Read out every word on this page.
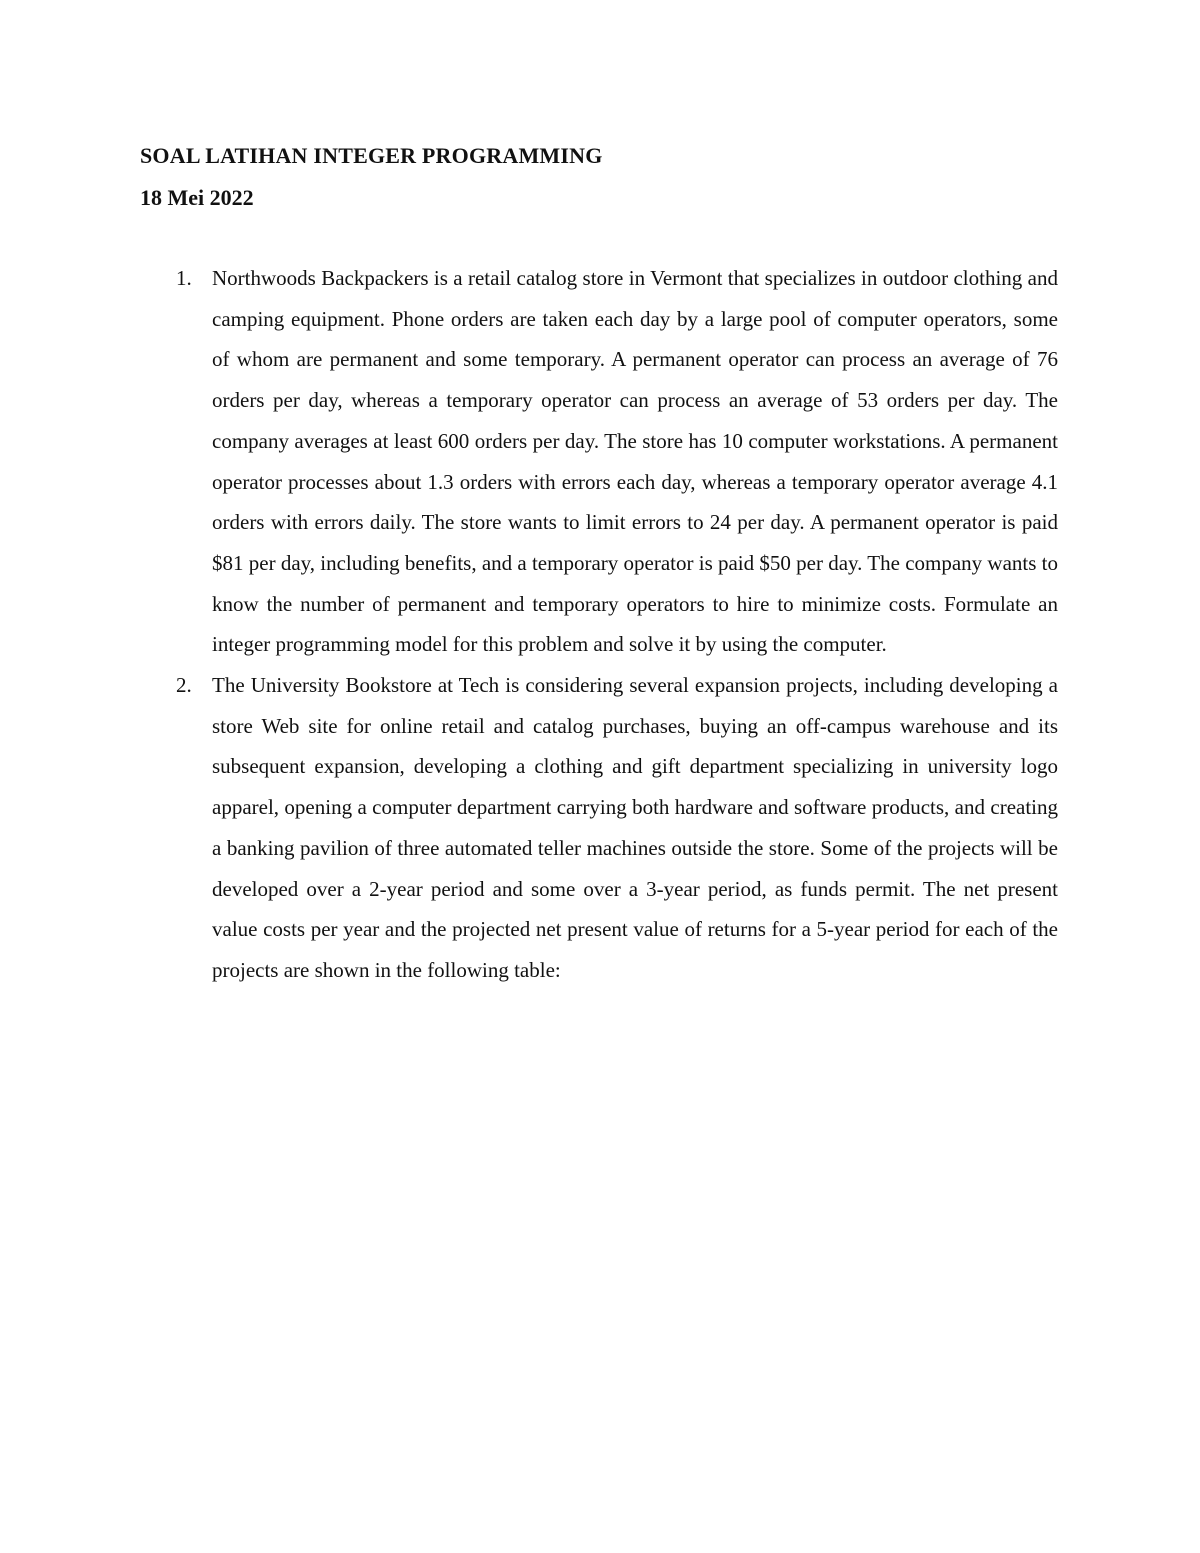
SOAL LATIHAN INTEGER PROGRAMMING

18 Mei 2022

1. Northwoods Backpackers is a retail catalog store in Vermont that specializes in outdoor clothing and camping equipment. Phone orders are taken each day by a large pool of computer operators, some of whom are permanent and some temporary. A permanent operator can process an average of 76 orders per day, whereas a temporary operator can process an average of 53 orders per day. The company averages at least 600 orders per day. The store has 10 computer workstations. A permanent operator processes about 1.3 orders with errors each day, whereas a temporary operator average 4.1 orders with errors daily. The store wants to limit errors to 24 per day. A permanent operator is paid $81 per day, including benefits, and a temporary operator is paid $50 per day. The company wants to know the number of permanent and temporary operators to hire to minimize costs. Formulate an integer programming model for this problem and solve it by using the computer.

2. The University Bookstore at Tech is considering several expansion projects, including developing a store Web site for online retail and catalog purchases, buying an off-campus warehouse and its subsequent expansion, developing a clothing and gift department specializing in university logo apparel, opening a computer department carrying both hardware and software products, and creating a banking pavilion of three automated teller machines outside the store. Some of the projects will be developed over a 2-year period and some over a 3-year period, as funds permit. The net present value costs per year and the projected net present value of returns for a 5-year period for each of the projects are shown in the following table:
